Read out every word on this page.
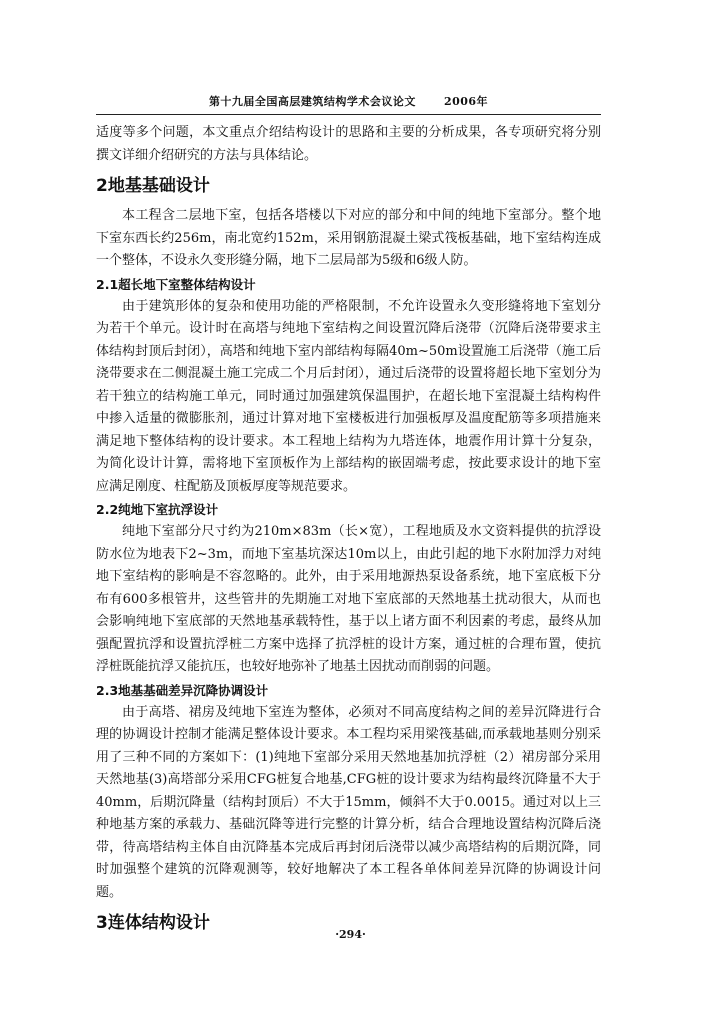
第十九届全国高层建筑结构学术会议论文	2006年

适度等多个问题，本文重点介绍结构设计的思路和主要的分析成果，各专项研究将分别撰文详细介绍研究的方法与具体结论。

2地基基础设计

本工程含二层地下室，包括各塔楼以下对应的部分和中间的纯地下室部分。整个地下室东西长约256m，南北宽约152m，采用钢筋混凝土梁式筏板基础，地下室结构连成一个整体，不设永久变形缝分隔，地下二层局部为5级和6级人防。

2.1超长地下室整体结构设计

由于建筑形体的复杂和使用功能的严格限制，不允许设置永久变形缝将地下室划分为若干个单元。设计时在高塔与纯地下室结构之间设置沉降后浇带（沉降后浇带要求主体结构封顶后封闭），高塔和纯地下室内部结构每隔40m~50m设置施工后浇带（施工后浇带要求在二侧混凝土施工完成二个月后封闭），通过后浇带的设置将超长地下室划分为若干独立的结构施工单元，同时通过加强建筑保温围护，在超长地下室混凝土结构构件中掺入适量的微膨胀剂，通过计算对地下室楼板进行加强板厚及温度配筋等多项措施来满足地下整体结构的设计要求。本工程地上结构为九塔连体，地震作用计算十分复杂，为简化设计计算，需将地下室顶板作为上部结构的嵌固端考虑，按此要求设计的地下室应满足刚度、柱配筋及顶板厚度等规范要求。

2.2纯地下室抗浮设计

纯地下室部分尺寸约为210m×83m（长×宽），工程地质及水文资料提供的抗浮设防水位为地表下2~3m，而地下室基坑深达10m以上，由此引起的地下水附加浮力对纯地下室结构的影响是不容忽略的。此外，由于采用地源热泵设备系统，地下室底板下分布有600多根管井，这些管井的先期施工对地下室底部的天然地基土扰动很大，从而也会影响纯地下室底部的天然地基承载特性，基于以上诸方面不利因素的考虑，最终从加强配置抗浮和设置抗浮桩二方案中选择了抗浮桩的设计方案，通过桩的合理布置，使抗浮桩既能抗浮又能抗压，也较好地弥补了地基土因扰动而削弱的问题。

2.3地基基础差异沉降协调设计

由于高塔、裙房及纯地下室连为整体，必须对不同高度结构之间的差异沉降进行合理的协调设计控制才能满足整体设计要求。本工程均采用梁筏基础,而承载地基则分别采用了三种不同的方案如下：(1)纯地下室部分采用天然地基加抗浮桩（2）裙房部分采用天然地基(3)高塔部分采用CFG桩复合地基,CFG桩的设计要求为结构最终沉降量不大于40mm，后期沉降量（结构封顶后）不大于15mm，倾斜不大于0.0015。通过对以上三种地基方案的承载力、基础沉降等进行完整的计算分析，结合合理地设置结构沉降后浇带，待高塔结构主体自由沉降基本完成后再封闭后浇带以减少高塔结构的后期沉降，同时加强整个建筑的沉降观测等，较好地解决了本工程各单体间差异沉降的协调设计问题。

3连体结构设计
·294·
